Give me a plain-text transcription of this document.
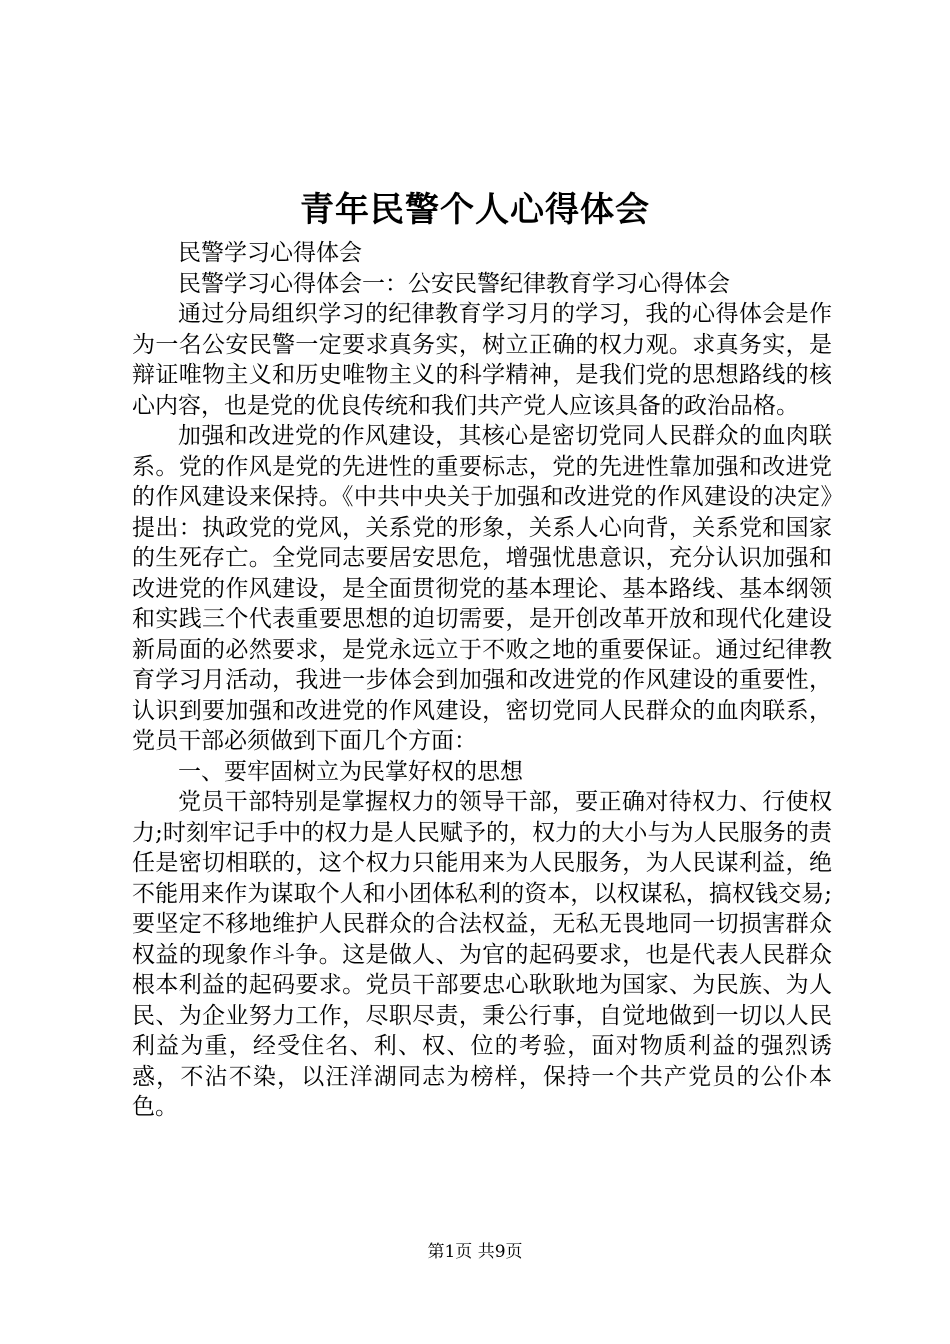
青年民警个人心得体会

民警学习心得体会

民警学习心得体会一：公安民警纪律教育学习心得体会

通过分局组织学习的纪律教育学习月的学习，我的心得体会是作为一名公安民警一定要求真务实，树立正确的权力观。求真务实，是辩证唯物主义和历史唯物主义的科学精神，是我们党的思想路线的核心内容，也是党的优良传统和我们共产党人应该具备的政治品格。

加强和改进党的作风建设，其核心是密切党同人民群众的血肉联系。党的作风是党的先进性的重要标志，党的先进性靠加强和改进党的作风建设来保持。《中共中央关于加强和改进党的作风建设的决定》提出：执政党的党风，关系党的形象，关系人心向背，关系党和国家的生死存亡。全党同志要居安思危，增强忧患意识，充分认识加强和改进党的作风建设，是全面贯彻党的基本理论、基本路线、基本纲领和实践三个代表重要思想的迫切需要，是开创改革开放和现代化建设新局面的必然要求，是党永远立于不败之地的重要保证。通过纪律教育学习月活动，我进一步体会到加强和改进党的作风建设的重要性，认识到要加强和改进党的作风建设，密切党同人民群众的血肉联系，党员干部必须做到下面几个方面：

一、要牢固树立为民掌好权的思想

党员干部特别是掌握权力的领导干部，要正确对待权力、行使权力;时刻牢记手中的权力是人民赋予的，权力的大小与为人民服务的责任是密切相联的，这个权力只能用来为人民服务，为人民谋利益，绝不能用来作为谋取个人和小团体私利的资本，以权谋私，搞权钱交易;要坚定不移地维护人民群众的合法权益，无私无畏地同一切损害群众权益的现象作斗争。这是做人、为官的起码要求，也是代表人民群众根本利益的起码要求。党员干部要忠心耿耿地为国家、为民族、为人民、为企业努力工作，尽职尽责，秉公行事，自觉地做到一切以人民利益为重，经受住名、利、权、位的考验，面对物质利益的强烈诱惑，不沾不染，以汪洋湖同志为榜样，保持一个共产党员的公仆本色。

第1页 共9页
